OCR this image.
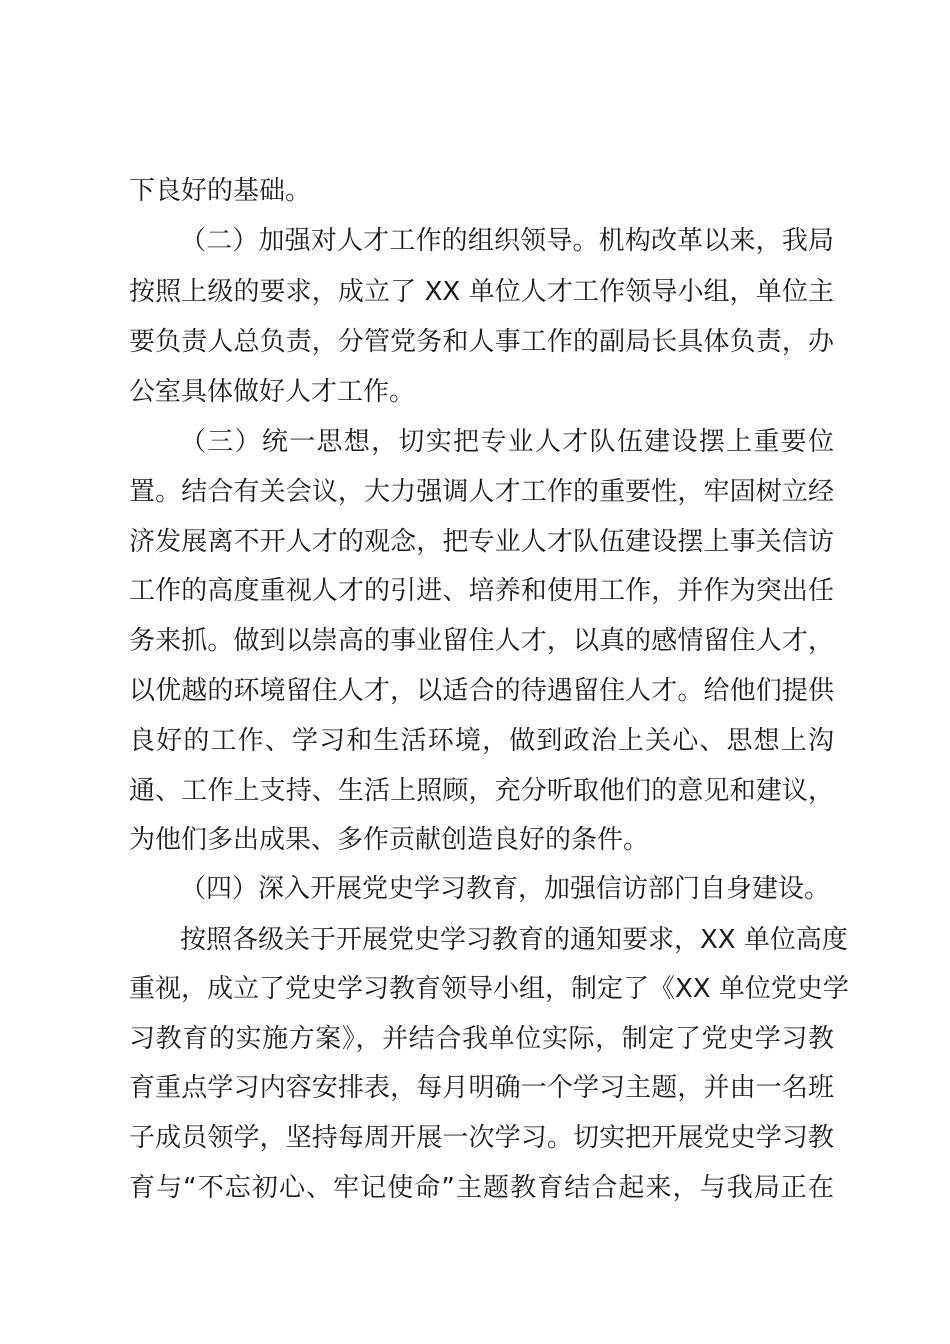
下良好的基础。
（二）加强对人才工作的组织领导。机构改革以来，我局
按照上级的要求，成立了 XX 单位人才工作领导小组，单位主
要负责人总负责，分管党务和人事工作的副局长具体负责，办
公室具体做好人才工作。
（三）统一思想，切实把专业人才队伍建设摆上重要位
置。结合有关会议，大力强调人才工作的重要性，牢固树立经
济发展离不开人才的观念，把专业人才队伍建设摆上事关信访
工作的高度重视人才的引进、培养和使用工作，并作为突出任
务来抓。做到以崇高的事业留住人才，以真的感情留住人才，
以优越的环境留住人才，以适合的待遇留住人才。给他们提供
良好的工作、学习和生活环境，做到政治上关心、思想上沟
通、工作上支持、生活上照顾，充分听取他们的意见和建议，
为他们多出成果、多作贡献创造良好的条件。
（四）深入开展党史学习教育，加强信访部门自身建设。
按照各级关于开展党史学习教育的通知要求，XX 单位高度
重视，成立了党史学习教育领导小组，制定了《XX 单位党史学
习教育的实施方案》，并结合我单位实际，制定了党史学习教
育重点学习内容安排表，每月明确一个学习主题，并由一名班
子成员领学，坚持每周开展一次学习。切实把开展党史学习教
育与“不忘初心、牢记使命”主题教育结合起来，与我局正在
